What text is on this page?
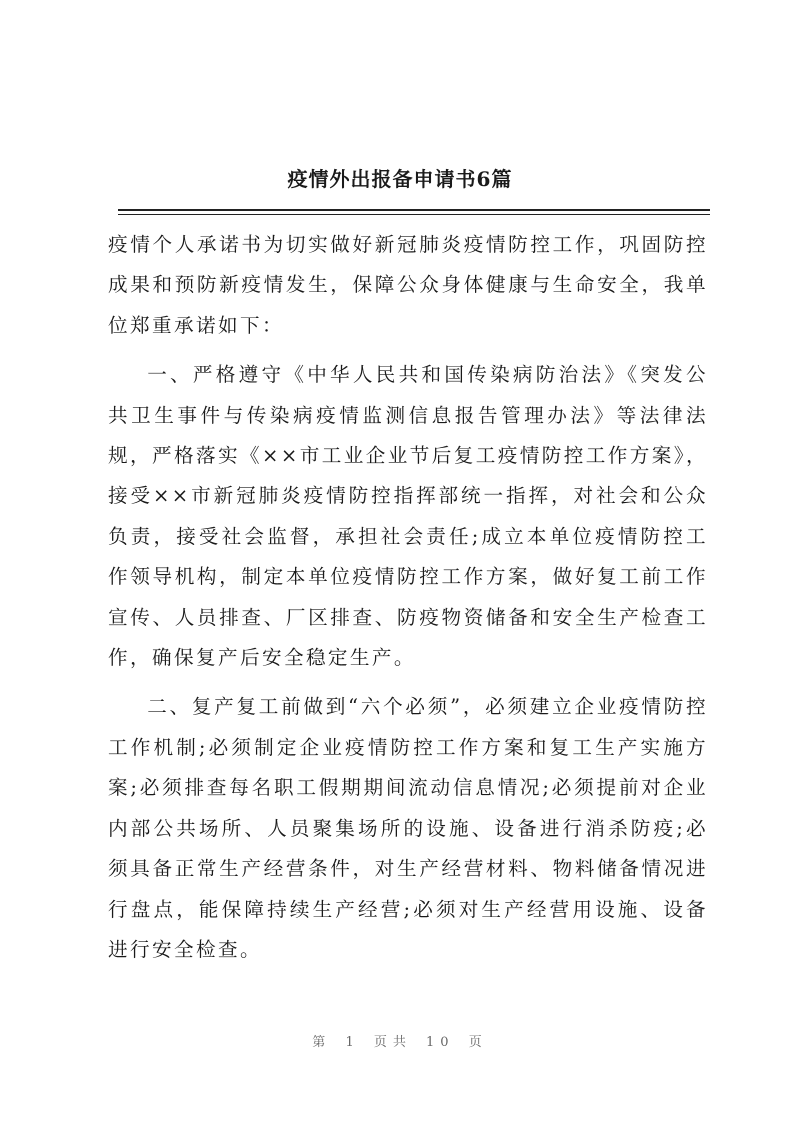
疫情外出报备申请书6篇

疫情个人承诺书为切实做好新冠肺炎疫情防控工作，巩固防控成果和预防新疫情发生，保障公众身体健康与生命安全，我单位郑重承诺如下：

一、严格遵守《中华人民共和国传染病防治法》《突发公共卫生事件与传染病疫情监测信息报告管理办法》等法律法规，严格落实《××市工业企业节后复工疫情防控工作方案》，接受××市新冠肺炎疫情防控指挥部统一指挥，对社会和公众负责，接受社会监督，承担社会责任;成立本单位疫情防控工作领导机构，制定本单位疫情防控工作方案，做好复工前工作宣传、人员排查、厂区排查、防疫物资储备和安全生产检查工作，确保复产后安全稳定生产。

二、复产复工前做到“六个必须”，必须建立企业疫情防控工作机制;必须制定企业疫情防控工作方案和复工生产实施方案;必须排查每名职工假期期间流动信息情况;必须提前对企业内部公共场所、人员聚集场所的设施、设备进行消杀防疫;必须具备正常生产经营条件，对生产经营材料、物料储备情况进行盘点，能保障持续生产经营;必须对生产经营用设施、设备进行安全检查。

第 1 页共 10 页
